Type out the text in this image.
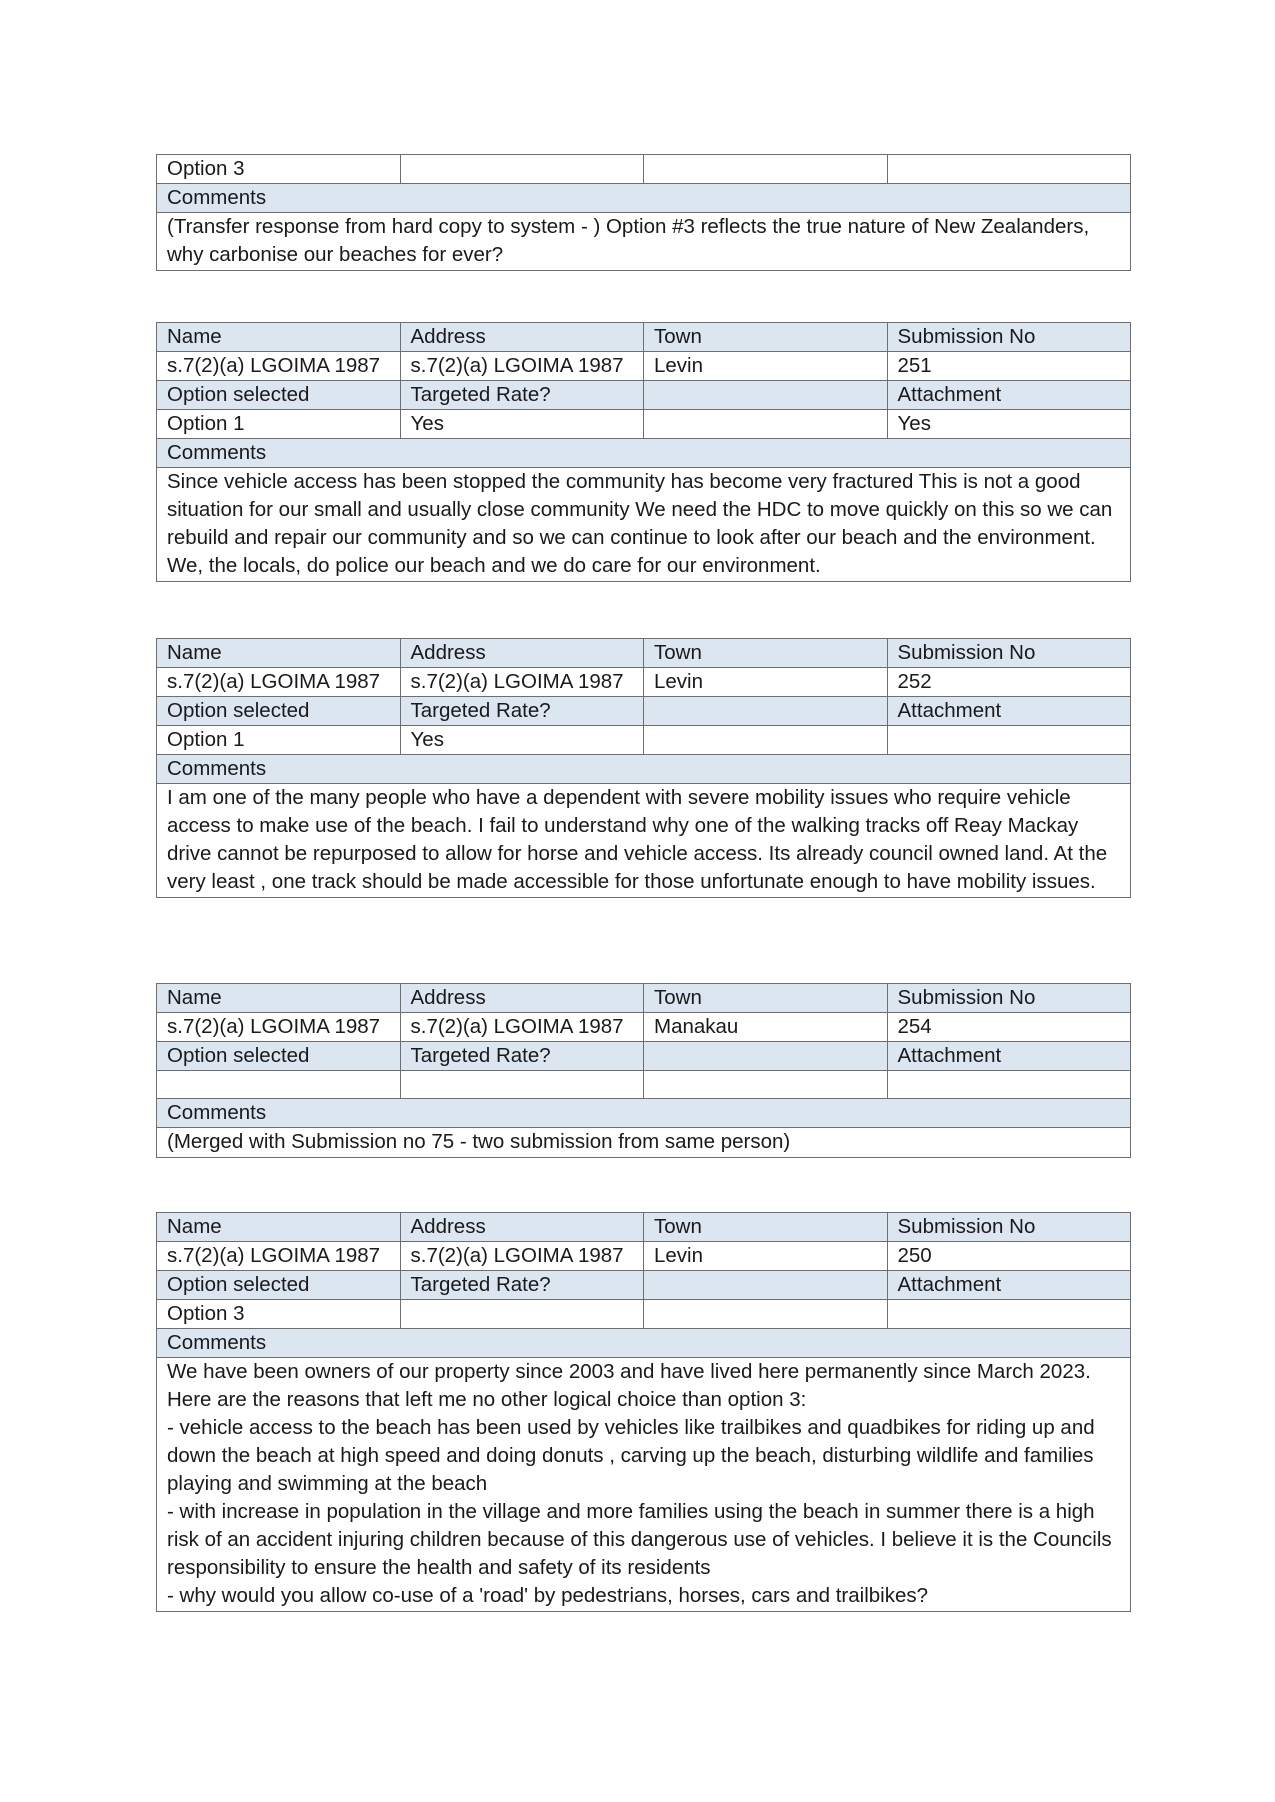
Option 3			
Comments
(Transfer response from hard copy to system - ) Option #3 reflects the true nature of New Zealanders, why carbonise our beaches for ever?
Name	Address	Town	Submission No
s.7(2)(a) LGOIMA 1987	s.7(2)(a) LGOIMA 1987	Levin	251
Option selected	Targeted Rate?		Attachment
Option 1	Yes		Yes
Comments			
Since vehicle access has been stopped the community has become very fractured This is not a good situation for our small and usually close community We need the HDC to move quickly on this so we can rebuild and repair our community and so we can continue to look after our beach and the environment. We, the locals, do police our beach and we do care for our environment.			
Name	Address	Town	Submission No
s.7(2)(a) LGOIMA 1987	s.7(2)(a) LGOIMA 1987	Levin	252
Option selected	Targeted Rate?		Attachment
Option 1	Yes		
Comments			
I am one of the many people who have a dependent with severe mobility issues who require vehicle access to make use of the beach. I fail to understand why one of the walking tracks off Reay Mackay drive cannot be repurposed to allow for horse and vehicle access. Its already council owned land. At the very least , one track should be made accessible for those unfortunate enough to have mobility issues.			
Name	Address	Town	Submission No
s.7(2)(a) LGOIMA 1987	s.7(2)(a) LGOIMA 1987	Manakau	254
Option selected	Targeted Rate?		Attachment

Comments			
(Merged with Submission no 75 - two submission from same person)			
Name	Address	Town	Submission No
s.7(2)(a) LGOIMA 1987	s.7(2)(a) LGOIMA 1987	Levin	250
Option selected	Targeted Rate?		Attachment
Option 3			
Comments			
We have been owners of our property since 2003 and have lived here permanently since March 2023. Here are the reasons that left me no other logical choice than option 3:
- vehicle access to the beach has been used by vehicles like trailbikes and quadbikes for riding up and down the beach at high speed and doing donuts , carving up the beach, disturbing wildlife and families playing and swimming at the beach
- with increase in population in the village and more families using the beach in summer there is a high risk of an accident injuring children because of this dangerous use of vehicles. I believe it is the Councils responsibility to ensure the health and safety of its residents
- why would you allow co-use of a 'road' by pedestrians, horses, cars and trailbikes?			
